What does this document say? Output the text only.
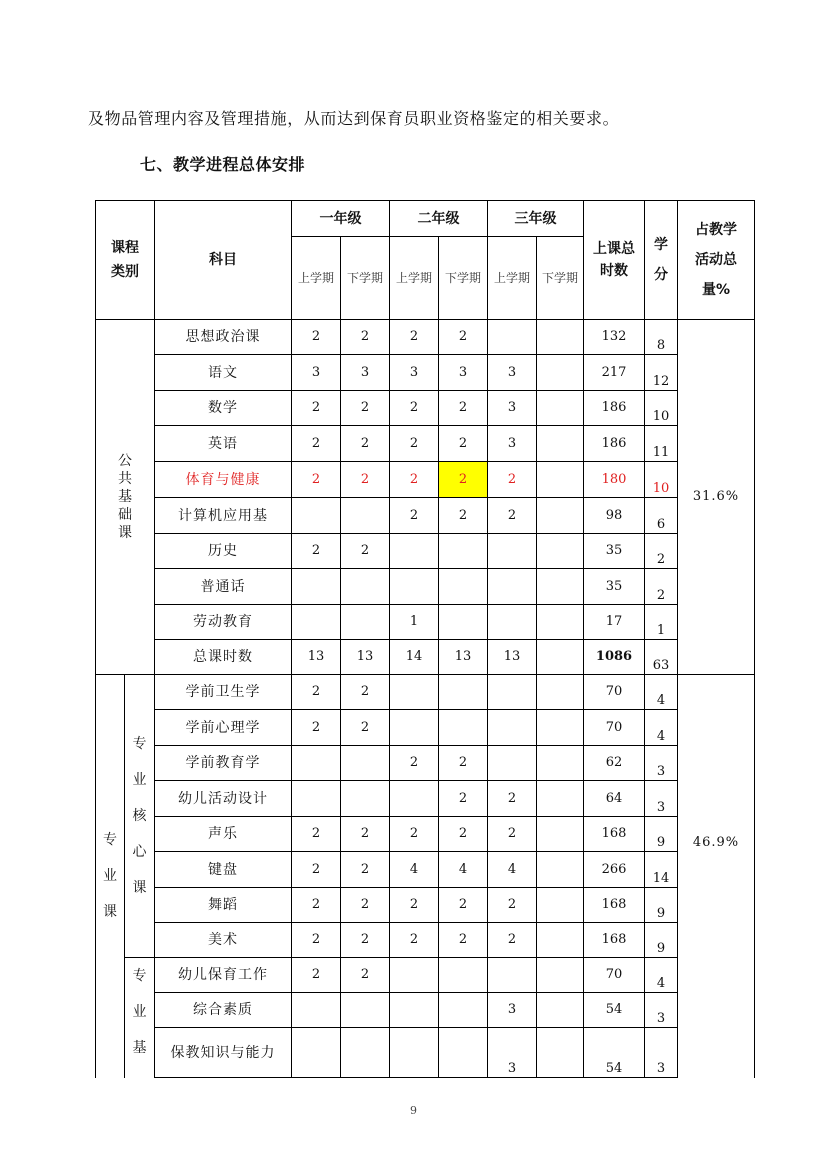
及物品管理内容及管理措施，从而达到保育员职业资格鉴定的相关要求。
七、教学进程总体安排
课程类别		科目	一年级		二年级		三年级		上课总时数	学分	占教学活动总量%
			上学期	下学期	上学期	下学期	上学期	下学期			
公共基础课		思想政治课	2	2	2	2			132	8	31.6%
		语文	3	3	3	3	3		217	12	
		数学	2	2	2	2	3		186	10	
		英语	2	2	2	2	3		186	11	
		体育与健康	2	2	2	2	2		180	10	
		计算机应用基			2	2	2		98	6	
		历史	2	2					35	2	
		普通话							35	2	
		劳动教育			1				17	1	
		总课时数	13	13	14	13	13		1086	63	
专业课	专业核心课	学前卫生学	2	2					70	4	46.9%

		学前心理学	2	2					70	4	
		学前教育学			2	2			62	3	
		幼儿活动设计				2	2		64	3	
		声乐	2	2	2	2	2		168	9	
		键盘	2	2	4	4	4		266	14	
		舞蹈	2	2	2	2	2		168	9	
		美术	2	2	2	2	2		168	9	
	专业基	幼儿保育工作	2	2					70	4	
		综合素质					3		54	3	
		保教知识与能力					3		54	3	
9
